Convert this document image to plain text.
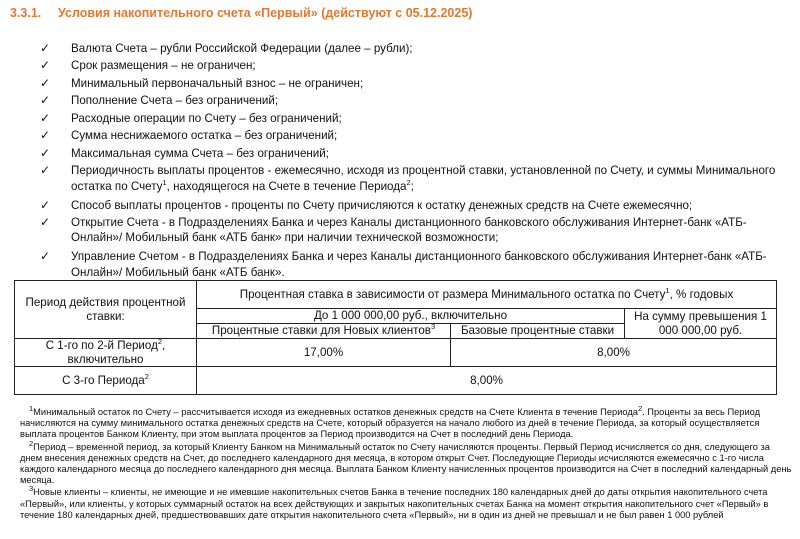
3.3.1. Условия накопительного счета «Первый» (действуют с 05.12.2025)
✓ Валюта Счета – рубли Российской Федерации (далее – рубли);
✓ Срок размещения – не ограничен;
✓ Минимальный первоначальный взнос – не ограничен;
✓ Пополнение Счета – без ограничений;
✓ Расходные операции по Счету – без ограничений;
✓ Сумма неснижаемого остатка – без ограничений;
✓ Максимальная сумма Счета – без ограничений;
✓ Периодичность выплаты процентов - ежемесячно, исходя из процентной ставки, установленной по Счету, и суммы Минимального остатка по Счету$^1$, находящегося на Счете в течение Периода$^2$;
✓ Способ выплаты процентов - проценты по Счету причисляются к остатку денежных средств на Счете ежемесячно;
✓ Открытие Счета - в Подразделениях Банка и через Каналы дистанционного банковского обслуживания Интернет-банк «АТБ-Онлайн»/ Мобильный банк «АТБ банк» при наличии технической возможности;
✓ Управление Счетом - в Подразделениях Банка и через Каналы дистанционного банковского обслуживания Интернет-банк «АТБ-Онлайн»/ Мобильный банк «АТБ банк».
Период действия процентной ставки:	Процентная ставка в зависимости от размера Минимального остатка по Счету$^1$, % годовых		
	До 1 000 000,00 руб., включительно		На сумму превышения 1 000 000,00 руб.
	Процентные ставки для Новых клиентов$^3$	Базовые процентные ставки	
С 1-го по 2-й Период$^2$, включительно	17,00%	8,00%	
С 3-го Периода$^2$	8,00%		

$^1$Минимальный остаток по Счету – рассчитывается исходя из ежедневных остатков денежных средств на Счете Клиента в течение Периода$^2$. Проценты за весь Период начисляются на сумму минимального остатка денежных средств на Счете, который образуется на начало любого из дней в течение Периода, за который осуществляется выплата процентов Банком Клиенту, при этом выплата процентов за Период производится на Счет в последний день Периода.

$^2$Период – временной период, за который Клиенту Банком на Минимальный остаток по Счету начисляются проценты. Первый Период исчисляется со дня, следующего за днем внесения денежных средств на Счет, до последнего календарного дня месяца, в котором открыт Счет. Последующие Периоды исчисляются ежемесячно с 1-го числа каждого календарного месяца до последнего календарного дня месяца. Выплата Банком Клиенту начисленных процентов производится на Счет в последний календарный день месяца.

$^3$Новые клиенты – клиенты, не имеющие и не имевшие накопительных счетов Банка в течение последних 180 календарных дней до даты открытия накопительного счета «Первый», или клиенты, у которых суммарный остаток на всех действующих и закрытых накопительных счетах Банка на момент открытия накопительного счет «Первый» в течение 180 календарных дней, предшествовавших дате открытия накопительного счета «Первый», ни в один из дней не превышал и не был равен 1 000 рублей
